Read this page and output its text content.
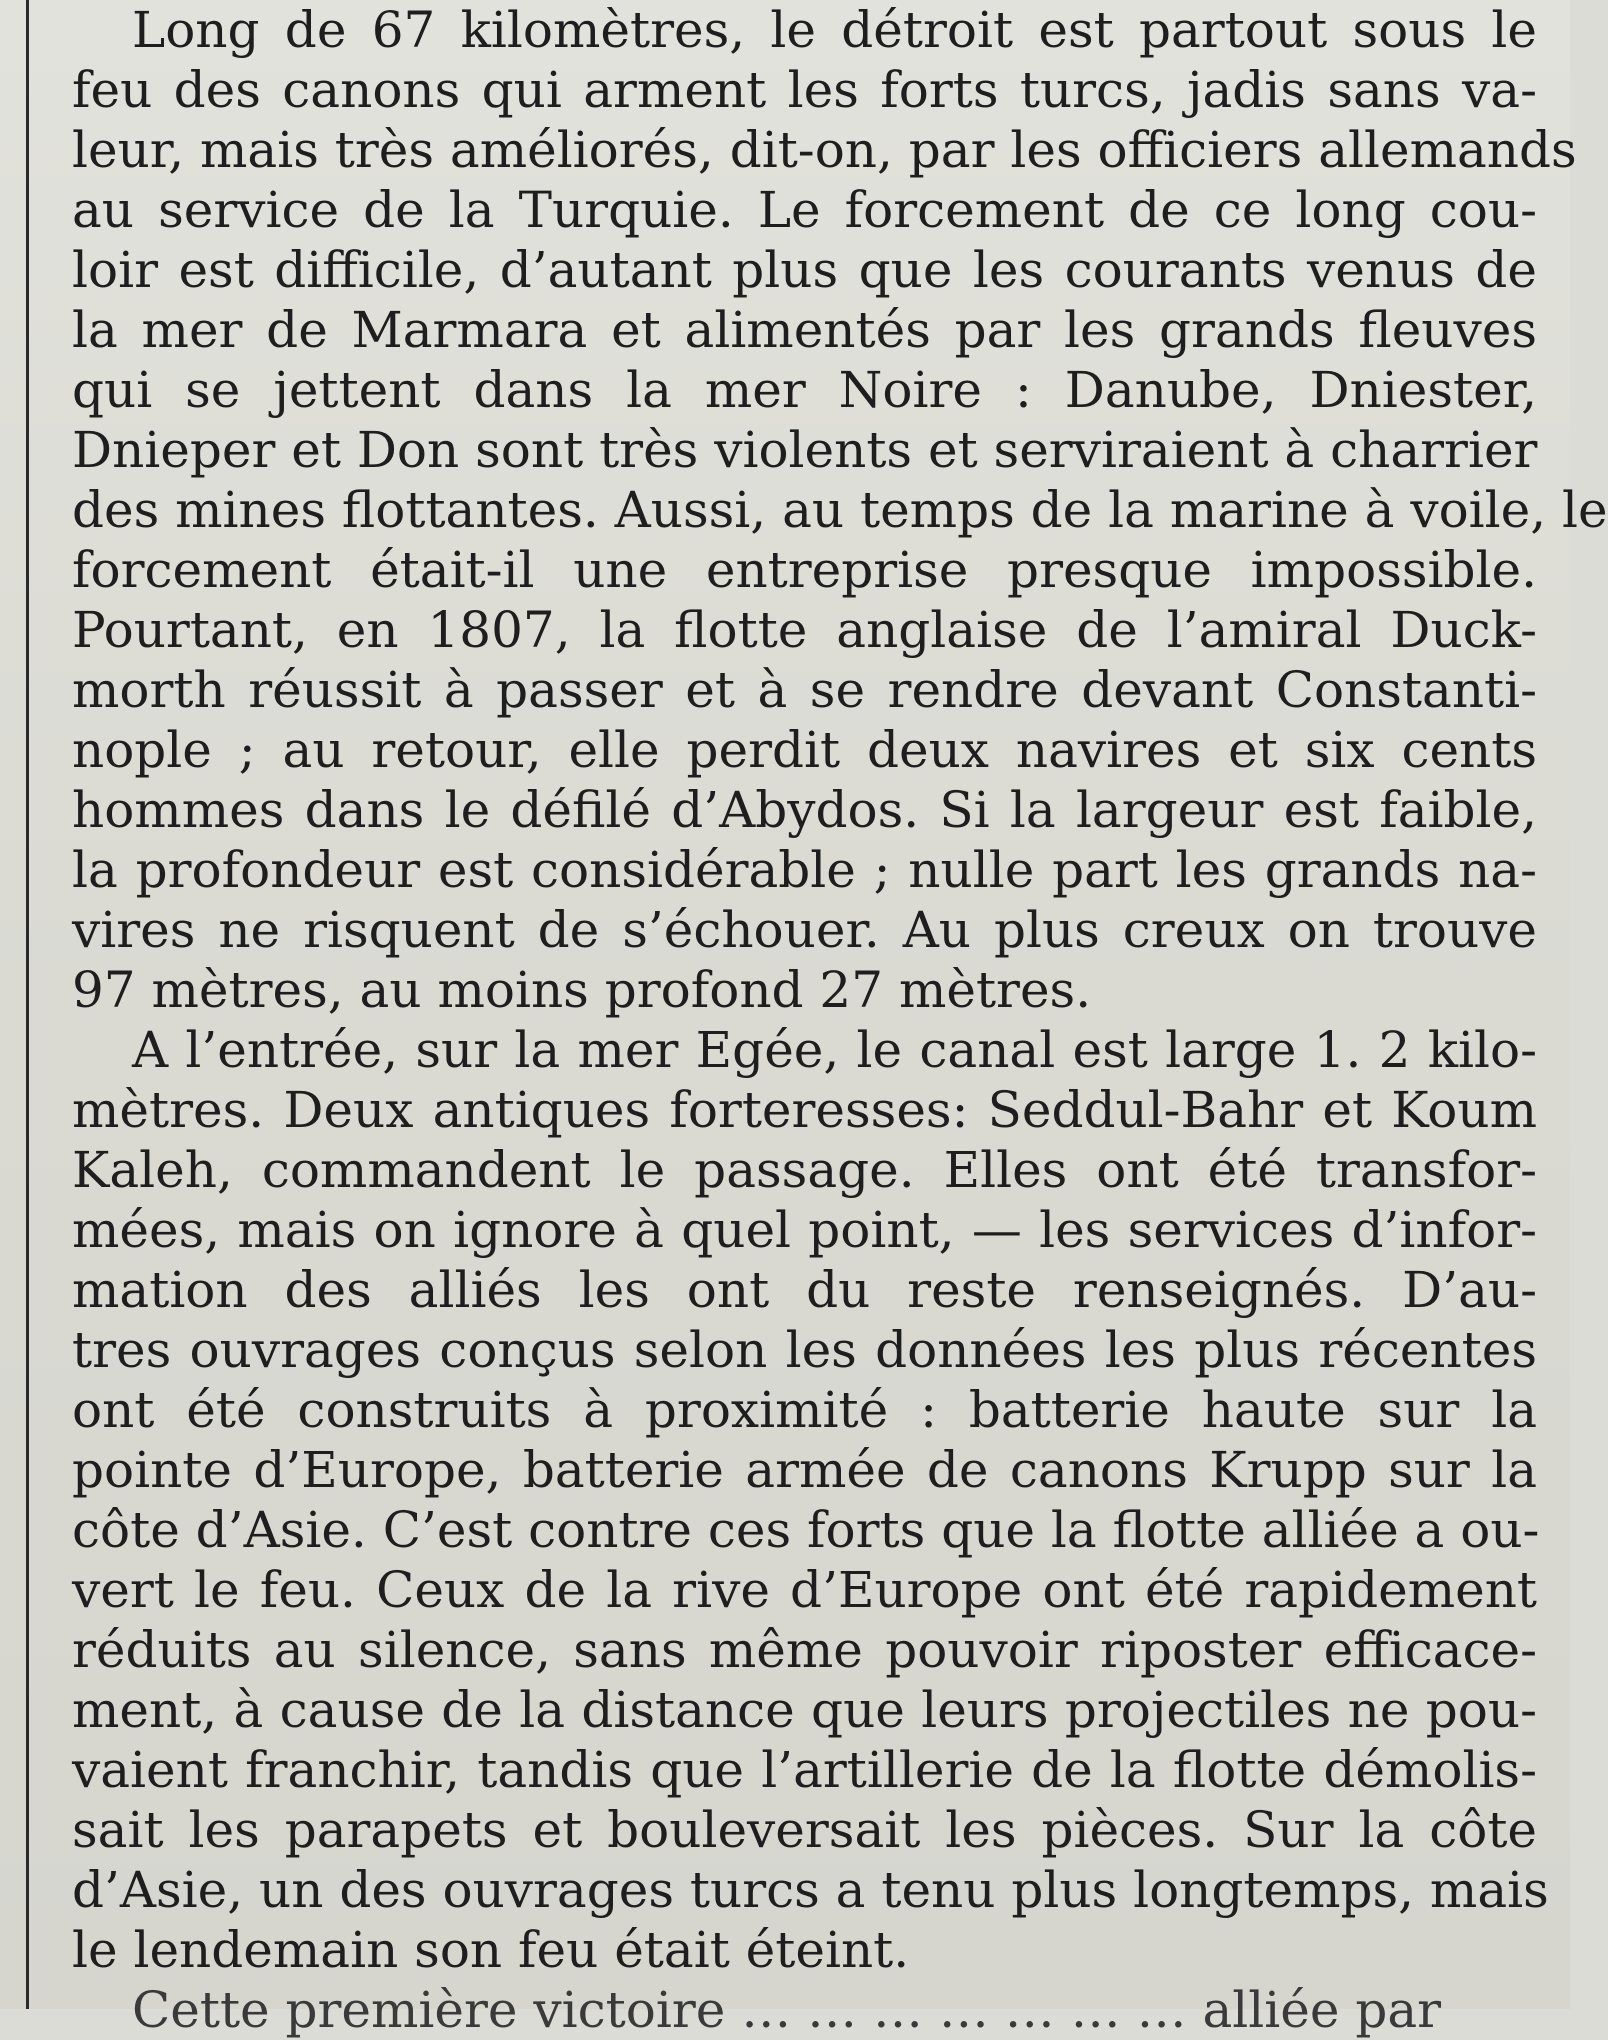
Long de 67 kilomètres, le détroit est partout sous le
feu des canons qui arment les forts turcs, jadis sans va-
leur, mais très améliorés, dit-on, par les officiers allemands
au service de la Turquie. Le forcement de ce long cou-
loir est difficile, d’autant plus que les courants venus de
la mer de Marmara et alimentés par les grands fleuves
qui se jettent dans la mer Noire : Danube, Dniester,
Dnieper et Don sont très violents et serviraient à charrier
des mines flottantes. Aussi, au temps de la marine à voile, le
forcement était-il une entreprise presque impossible.
Pourtant, en 1807, la flotte anglaise de l’amiral Duck-
morth réussit à passer et à se rendre devant Constanti-
nople ; au retour, elle perdit deux navires et six cents
hommes dans le défilé d’Abydos. Si la largeur est faible,
la profondeur est considérable ; nulle part les grands na-
vires ne risquent de s’échouer. Au plus creux on trouve
97 mètres, au moins profond 27 mètres.
A l’entrée, sur la mer Egée, le canal est large 1. 2 kilo-
mètres. Deux antiques forteresses: Seddul-Bahr et Koum
Kaleh, commandent le passage. Elles ont été transfor-
mées, mais on ignore à quel point, — les services d’infor-
mation des alliés les ont du reste renseignés. D’au-
tres ouvrages conçus selon les données les plus récentes
ont été construits à proximité : batterie haute sur la
pointe d’Europe, batterie armée de canons Krupp sur la
côte d’Asie. C’est contre ces forts que la flotte alliée a ou-
vert le feu. Ceux de la rive d’Europe ont été rapidement
réduits au silence, sans même pouvoir riposter efficace-
ment, à cause de la distance que leurs projectiles ne pou-
vaient franchir, tandis que l’artillerie de la flotte démolis-
sait les parapets et bouleversait les pièces. Sur la côte
d’Asie, un des ouvrages turcs a tenu plus longtemps, mais
le lendemain son feu était éteint.
Cette première victoire … … … … … … … alliée par
